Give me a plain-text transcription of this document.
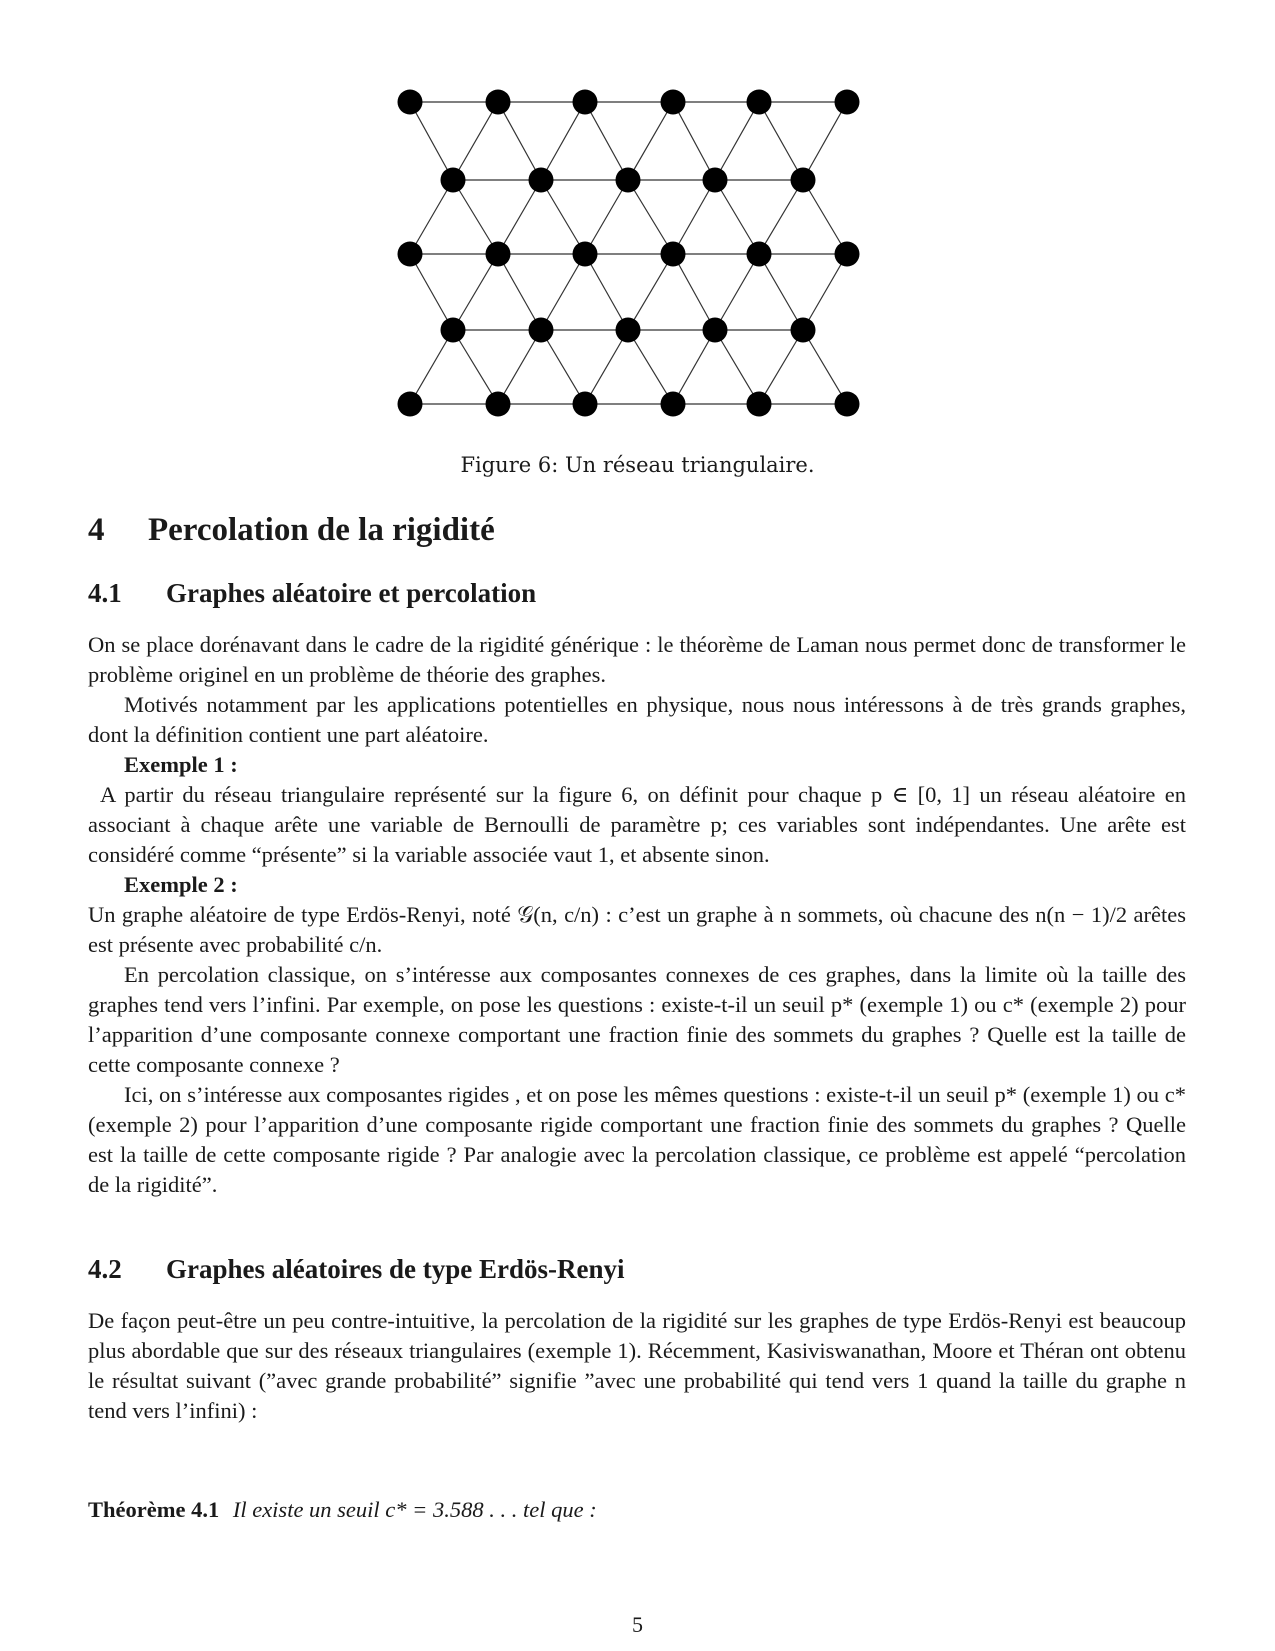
Figure 6: Un réseau triangulaire.
4 Percolation de la rigidité
4.1 Graphes aléatoire et percolation

On se place dorénavant dans le cadre de la rigidité générique : le théorème de Laman nous permet donc de transformer le problème originel en un problème de théorie des graphes.

Motivés notamment par les applications potentielles en physique, nous nous intéressons à de très grands graphes, dont la définition contient une part aléatoire.

Exemple 1 :

A partir du réseau triangulaire représenté sur la figure 6, on définit pour chaque p ∈ [0, 1] un réseau aléatoire en associant à chaque arête une variable de Bernoulli de paramètre p; ces variables sont indépendantes. Une arête est considéré comme “présente” si la variable associée vaut 1, et absente sinon.

Exemple 2 :

Un graphe aléatoire de type Erdös-Renyi, noté 𝒢(n, c/n) : c’est un graphe à n sommets, où chacune des n(n − 1)/2 arêtes est présente avec probabilité c/n.

En percolation classique, on s’intéresse aux composantes connexes de ces graphes, dans la limite où la taille des graphes tend vers l’infini. Par exemple, on pose les questions : existe-t-il un seuil p* (exemple 1) ou c* (exemple 2) pour l’apparition d’une composante connexe comportant une fraction finie des sommets du graphes ? Quelle est la taille de cette composante connexe ?

Ici, on s’intéresse aux composantes rigides , et on pose les mêmes questions : existe-t-il un seuil p* (exemple 1) ou c* (exemple 2) pour l’apparition d’une composante rigide comportant une fraction finie des sommets du graphes ? Quelle est la taille de cette composante rigide ? Par analogie avec la percolation classique, ce problème est appelé “percolation de la rigidité”.

4.2 Graphes aléatoires de type Erdös-Renyi

De façon peut-être un peu contre-intuitive, la percolation de la rigidité sur les graphes de type Erdös-Renyi est beaucoup plus abordable que sur des réseaux triangulaires (exemple 1). Récemment, Kasiviswanathan, Moore et Théran ont obtenu le résultat suivant (”avec grande probabilité” signifie ”avec une probabilité qui tend vers 1 quand la taille du graphe n tend vers l’infini) :

Théorème 4.1 Il existe un seuil c* = 3.588 . . . tel que :
5
